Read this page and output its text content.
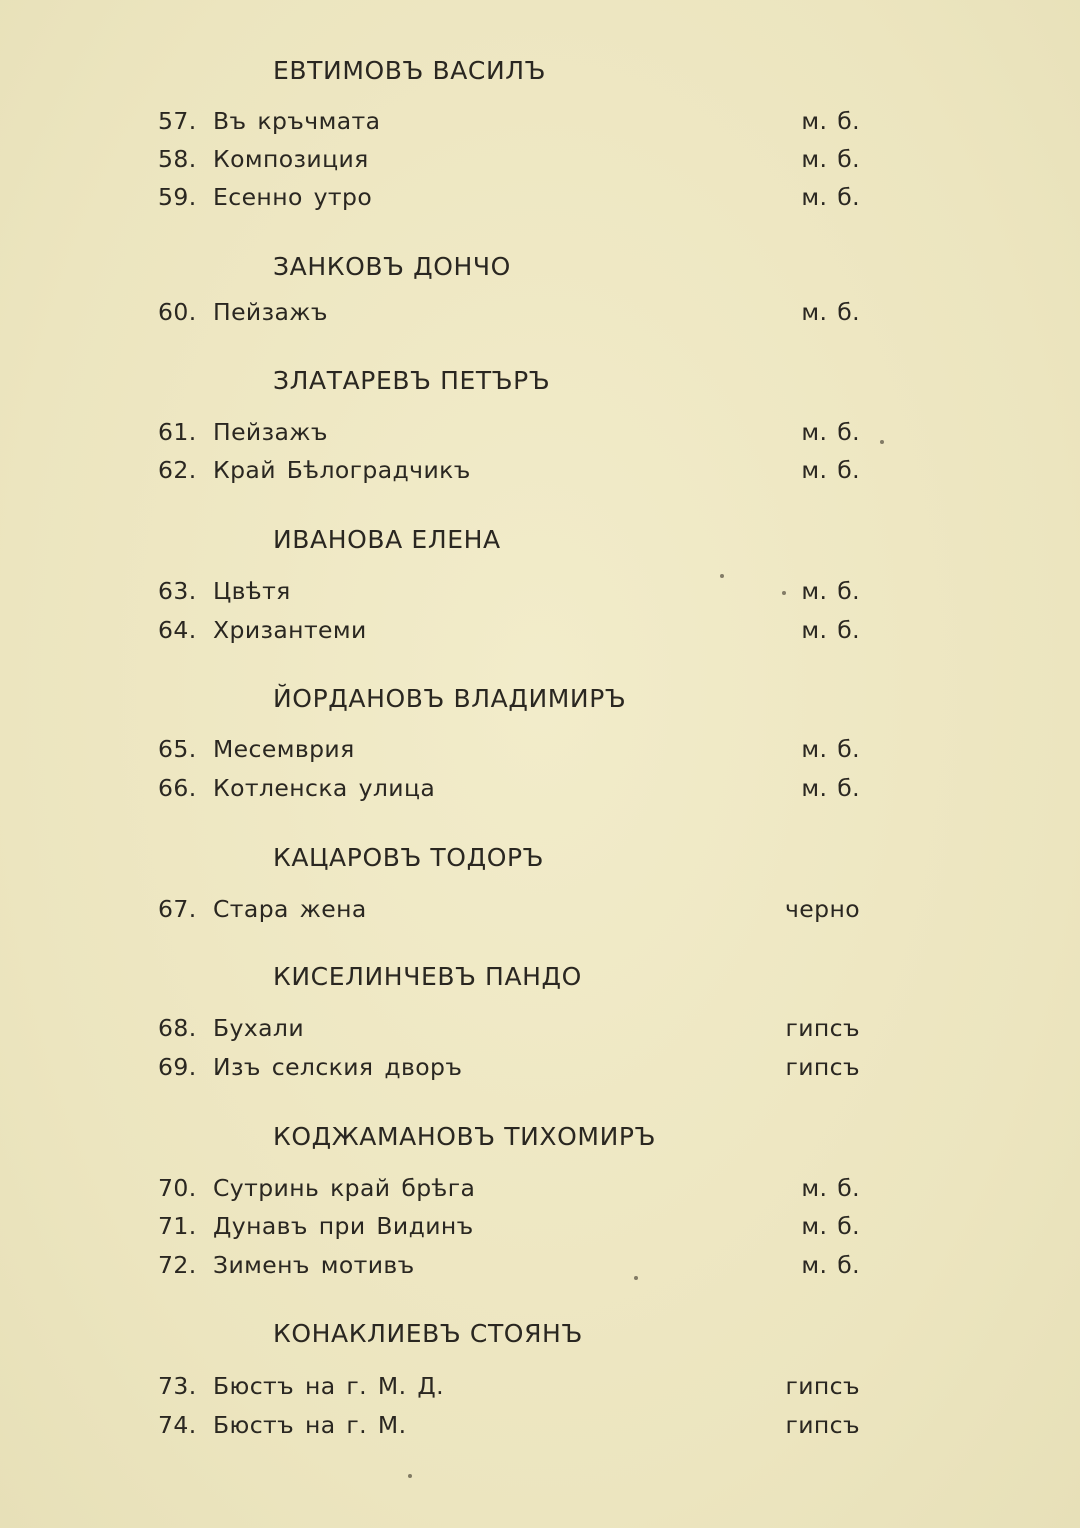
ЕВТИМОВЪ ВАСИЛЪ
57. Въ кръчмата	м. б.
58. Композиция	м. б.
59. Есенно утро	м. б.
ЗАНКОВЪ ДОНЧО
60. Пейзажъ	м. б.
ЗЛАТАРЕВЪ ПЕТЪРЪ
61. Пейзажъ	м. б.
62. Край Бѣлоградчикъ	м. б.
ИВАНОВА ЕЛЕНА
63. Цвѣтя	м. б.
64. Хризантеми	м. б.
ЙОРДАНОВЪ ВЛАДИМИРЪ
65. Месемврия	м. б.
66. Котленска улица	м. б.
КАЦАРОВЪ ТОДОРЪ
67. Стара жена	черно
КИСЕЛИНЧЕВЪ ПАНДО
68. Бухали	гипсъ
69. Изъ селския дворъ	гипсъ
КОДЖАМАНОВЪ ТИХОМИРЪ
70. Сутринь край брѣга	м. б.
71. Дунавъ при Видинъ	м. б.
72. Зименъ мотивъ	м. б.
КОНАКЛИЕВЪ СТОЯНЪ
73. Бюстъ на г. М. Д.	гипсъ
74. Бюстъ на г. М.	гипсъ
